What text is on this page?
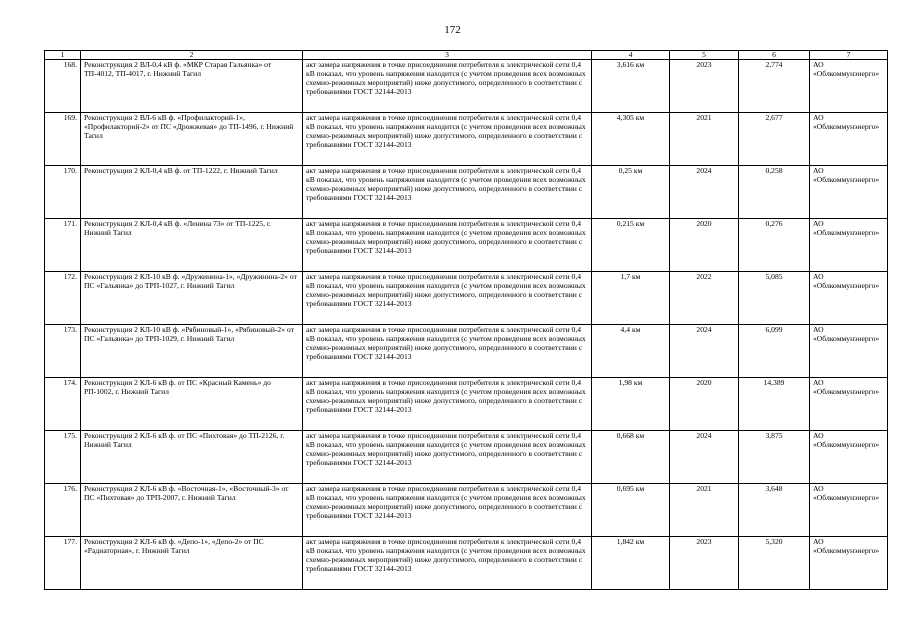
172
1	2	3	4	5	6	7
168.	Реконструкция 2 ВЛ-0,4 кВ ф. «МКР Старая Гальянка» от ТП-4012, ТП-4017, г. Нижний Тагил	акт замера напряжения в точке присоединения потребителя к электрической сети 0,4 кВ показал, что уровень напряжения находится (с учетом проведения всех возможных схемно-режимных мероприятий) ниже допустимого, определенного в соответствии с требованиями ГОСТ 32144-2013	3,616 км	2023	2,774	АО «Облкоммунэнерго»
169.	Реконструкция 2 ВЛ-6 кВ ф. «Профилакторий-1», «Профилакторий-2» от ПС «Дрожжевая» до ТП-1496, г. Нижний Тагил	акт замера напряжения в точке присоединения потребителя к электрической сети 0,4 кВ показал, что уровень напряжения находится (с учетом проведения всех возможных схемно-режимных мероприятий) ниже допустимого, определенного в соответствии с требованиями ГОСТ 32144-2013	4,305 км	2021	2,677	АО «Облкоммунэнерго»
170.	Реконструкция 2 КЛ-0,4 кВ ф. от ТП-1222, г. Нижний Тагил	акт замера напряжения в точке присоединения потребителя к электрической сети 0,4 кВ показал, что уровень напряжения находится (с учетом проведения всех возможных схемно-режимных мероприятий) ниже допустимого, определенного в соответствии с требованиями ГОСТ 32144-2013	0,25 км	2024	0,258	АО «Облкоммунэнерго»
171.	Реконструкция 2 КЛ-0,4 кВ ф. «Ленина 73» от ТП-1225, г. Нижний Тагил	акт замера напряжения в точке присоединения потребителя к электрической сети 0,4 кВ показал, что уровень напряжения находится (с учетом проведения всех возможных схемно-режимных мероприятий) ниже допустимого, определенного в соответствии с требованиями ГОСТ 32144-2013	0,215 км	2020	0,276	АО «Облкоммунэнерго»
172.	Реконструкция 2 КЛ-10 кВ ф. «Дружинина-1», «Дружинина-2» от ПС «Гальянка» до ТРП-1027, г. Нижний Тагил	акт замера напряжения в точке присоединения потребителя к электрической сети 0,4 кВ показал, что уровень напряжения находится (с учетом проведения всех возможных схемно-режимных мероприятий) ниже допустимого, определенного в соответствии с требованиями ГОСТ 32144-2013	1,7 км	2022	5,085	АО «Облкоммунэнерго»
173.	Реконструкция 2 КЛ-10 кВ ф. «Рябиновый-1», «Рябиновый-2» от ПС «Гальянка» до ТРП-1029, г. Нижний Тагил	акт замера напряжения в точке присоединения потребителя к электрической сети 0,4 кВ показал, что уровень напряжения находится (с учетом проведения всех возможных схемно-режимных мероприятий) ниже допустимого, определенного в соответствии с требованиями ГОСТ 32144-2013	4,4 км	2024	6,099	АО «Облкоммунэнерго»
174.	Реконструкция 2 КЛ-6 кВ ф. от ПС «Красный Камень» до РП-1002, г. Нижний Тагил	акт замера напряжения в точке присоединения потребителя к электрической сети 0,4 кВ показал, что уровень напряжения находится (с учетом проведения всех возможных схемно-режимных мероприятий) ниже допустимого, определенного в соответствии с требованиями ГОСТ 32144-2013	1,98 км	2020	14,389	АО «Облкоммунэнерго»
175.	Реконструкция 2 КЛ-6 кВ ф. от ПС «Пихтовая» до ТП-2126, г. Нижний Тагил	акт замера напряжения в точке присоединения потребителя к электрической сети 0,4 кВ показал, что уровень напряжения находится (с учетом проведения всех возможных схемно-режимных мероприятий) ниже допустимого, определенного в соответствии с требованиями ГОСТ 32144-2013	0,668 км	2024	3,875	АО «Облкоммунэнерго»
176.	Реконструкция 2 КЛ-6 кВ ф. «Восточная-1», «Восточный-3» от ПС «Пихтовая» до ТРП-2007, г. Нижний Тагил	акт замера напряжения в точке присоединения потребителя к электрической сети 0,4 кВ показал, что уровень напряжения находится (с учетом проведения всех возможных схемно-режимных мероприятий) ниже допустимого, определенного в соответствии с требованиями ГОСТ 32144-2013	0,695 км	2021	3,648	АО «Облкоммунэнерго»
177.	Реконструкция 2 КЛ-6 кВ ф. «Депо-1», «Депо-2» от ПС «Радиаторная», г. Нижний Тагил	акт замера напряжения в точке присоединения потребителя к электрической сети 0,4 кВ показал, что уровень напряжения находится (с учетом проведения всех возможных схемно-режимных мероприятий) ниже допустимого, определенного в соответствии с требованиями ГОСТ 32144-2013	1,842 км	2023	5,320	АО «Облкоммунэнерго»
